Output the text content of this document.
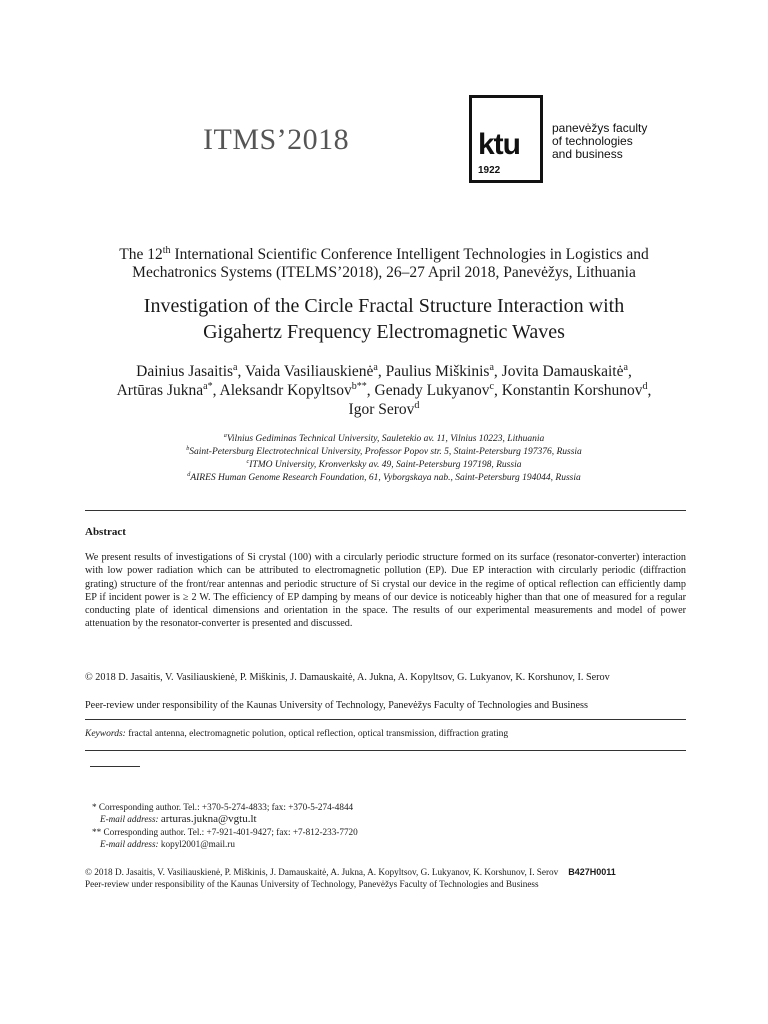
ITMS’2018	ktu
1922
panevėžys faculty
of technologies
and business
The 12th International Scientific Conference Intelligent Technologies in Logistics and
Mechatronics Systems (ITELMS’2018), 26–27 April 2018, Panevėžys, Lithuania
Investigation of the Circle Fractal Structure Interaction with
Gigahertz Frequency Electromagnetic Waves
Dainius Jasaitis$^a$, Vaida Vasiliauskienė$^a$, Paulius Miškinis$^a$, Jovita Damauskaitė$^a$,
Artūras Jukna$^{a*}$, Aleksandr Kopyltsov$^{b**}$, Genady Lukyanov$^c$, Konstantin Korshunov$^d$,
Igor Serov$^d$
$^a$Vilnius Gediminas Technical University, Sauletekio av. 11, Vilnius 10223, Lithuania
$^b$Saint-Petersburg Electrotechnical University, Professor Popov str. 5, Staint-Petersburg 197376, Russia
$^c$ITMO University, Kronverksky av. 49, Saint-Petersburg 197198, Russia
$^d$AIRES Human Genome Research Foundation, 61, Vyborgskaya nab., Saint-Petersburg 194044, Russia
Abstract
We present results of investigations of Si crystal (100) with a circularly periodic structure formed on its surface (resonator-converter) interaction with low power radiation which can be attributed to electromagnetic pollution (EP). Due EP interaction with circularly periodic (diffraction grating) structure of the front/rear antennas and periodic structure of Si crystal our device in the regime of optical reflection can efficiently damp EP if incident power is ≥ 2 W. The efficiency of EP damping by means of our device is noticeably higher than that one of measured for a regular conducting plate of identical dimensions and orientation in the space. The results of our experimental measurements and model of power attenuation by the resonator-converter is presented and discussed.
© 2018 D. Jasaitis, V. Vasiliauskienė, P. Miškinis, J. Damauskaitė, A. Jukna, A. Kopyltsov, G. Lukyanov, K. Korshunov, I. Serov
Peer-review under responsibility of the Kaunas University of Technology, Panevėžys Faculty of Technologies and Business
Keywords: fractal antenna, electromagnetic polution, optical reflection, optical transmission, diffraction grating
* Corresponding author. Tel.: +370-5-274-4833; fax: +370-5-274-4844
E-mail address: arturas.jukna@vgtu.lt
** Corresponding author. Tel.: +7-921-401-9427; fax: +7-812-233-7720
E-mail address: kopyl2001@mail.ru
© 2018 D. Jasaitis, V. Vasiliauskienė, P. Miškinis, J. Damauskaitė, A. Jukna, A. Kopyltsov, G. Lukyanov, K. Korshunov, I. Serov B427H0011
Peer-review under responsibility of the Kaunas University of Technology, Panevėžys Faculty of Technologies and Business
